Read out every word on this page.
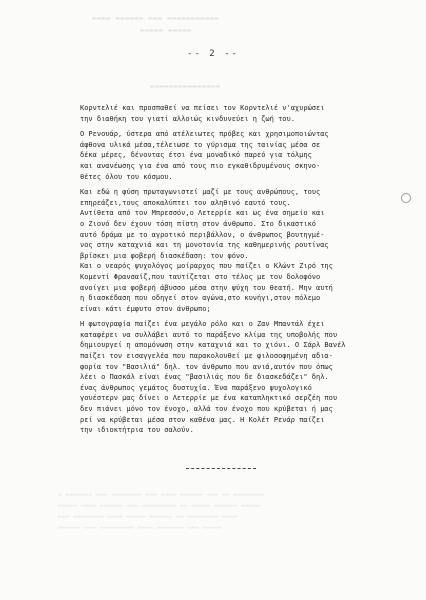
▬▬▬▬ ▬▬▬▬▬▬ ▬▬▬ ▬▬▬▬▬▬▬▬▬▬▬
▬▬▬▬▬ ▬▬▬▬▬
▬▬▬▬▬▬▬▬▬▬▬▬▬▬▬
-- 2 --
Κορντελιέ και προσπαθεί να πείσει τον Κορντελιέ ν'αχυρώσει
την διαθήκη του γιατί αλλοιώς κινδυνεύει η ζωή του.
Ο Ρενουάρ, ύστερα από ατέλειωτες πρόβες και χρησιμοποιώντας
άφθονα υλικά μέσα,τέλειωσε το γύρισμα της ταινίας μέσα σε
δέκα μέρες, δένοντας έτσι ένα μοναδικό παρεό για τόλμης
και ανανέωσης για ένα από τους πιο εγκαθιδρυμένους σκηνο-
θέτες όλου του κόσμου.
Και εδώ η φύση πρωταγωνιστεί μαζί με τους ανθρώπους, τους
επηρεάζει,τους αποκαλύπτει τον αληθινό εαυτό τους.
Αντίθετα από τον Μπρεσσόν,ο Λετερρίε και ως ένα σημείο και
ο Ζιονό δεν έχουν τόση πίστη στον άνθρωπο. Στο δικαστικό
αυτό δράμα με το αγροτικό περιβάλλον, ο άνθρωπος βουτηγμέ-
νος στην καταχνιά και τη μονοτονία της καθημερινής ρουτίνας
βρίσκει μια φοβερή διασκέδαση: τον φόνο.
Και ο νεαρός ψυχολόγος μοίραρχος που παίζει ο Κλώντ Ζιρό της
Κομεντί Φρανσαίζ,που ταυτίζεται στο τέλος με τον δολοφόνο
ανοίγει μια φοβερή άβυσσο μέσα στην ψύχη του θεατή. Μην αυτή
η διασκέδαση που οδηγεί στον αγώνα,στο κυνήγι,στον πόλεμο
είναι κάτι έμφυτο στον άνθρωπο;
Η φωτογραφία παίζει ένα μεγάλο ρόλο και ο Ζαν Μπαντάλ έχει
καταφέρει να συλλάβει αυτό το παράξενο κλίμα της υποβολής που
δημιουργεί η απομόνωση στην καταχνιά και το χιόνι. Ο Σάρλ Βανέλ
παίζει τον εισαγγελέα που παρακολουθεί με φιλοσοφημένη αδια-
φορία τον "Βασιλιά" δηλ. τον άνθρωπο που ανιά,αυτόν που όπως
λέει ο Πασκάλ είναι ένας "βασιλιάς που δε διασκεδάζει" δηλ.
ένας άνθρωπος γεμάτος δυστυχία. Ένα παράξενο ψυχολογικό
γουέστερν μας δίνει ο Λετερρίε με ένα καταπληκτικό σερζέη που
δεν πιάνει μόνο τον ένοχο, αλλά τον ένοχο που κρύβεται ή μας
ρεί να κρύβεται μέσα στον καθένα μας. Η Κολέτ Ρενάρ παίζει
την ιδιοκτήτρια του σαλούν.
▬ ▬▬▬▬▬▬▬ ▬▬▬ ▬▬▬▬▬▬▬▬ ▬▬▬ ▬▬▬▬ ▬▬▬▬▬▬ ▬▬▬ ▬▬ ▬▬▬▬▬▬▬▬
▬▬▬▬▬ ▬▬▬▬ ▬▬▬▬▬▬ ▬▬▬ ▬▬▬▬▬▬▬▬▬ ▬▬ ▬▬▬▬▬ ▬▬▬▬▬▬ ▬▬▬▬▬
▬▬▬ ▬▬▬▬▬▬▬▬ ▬▬▬▬ ▬▬▬▬▬ ▬▬▬▬▬▬ ▬▬ ▬▬▬▬▬▬▬▬ ▬▬▬▬
▬▬▬▬▬▬ ▬▬▬ ▬▬▬▬▬▬▬▬▬ ▬▬▬▬ ▬▬▬▬▬▬▬ ▬▬▬ ▬▬▬▬▬
